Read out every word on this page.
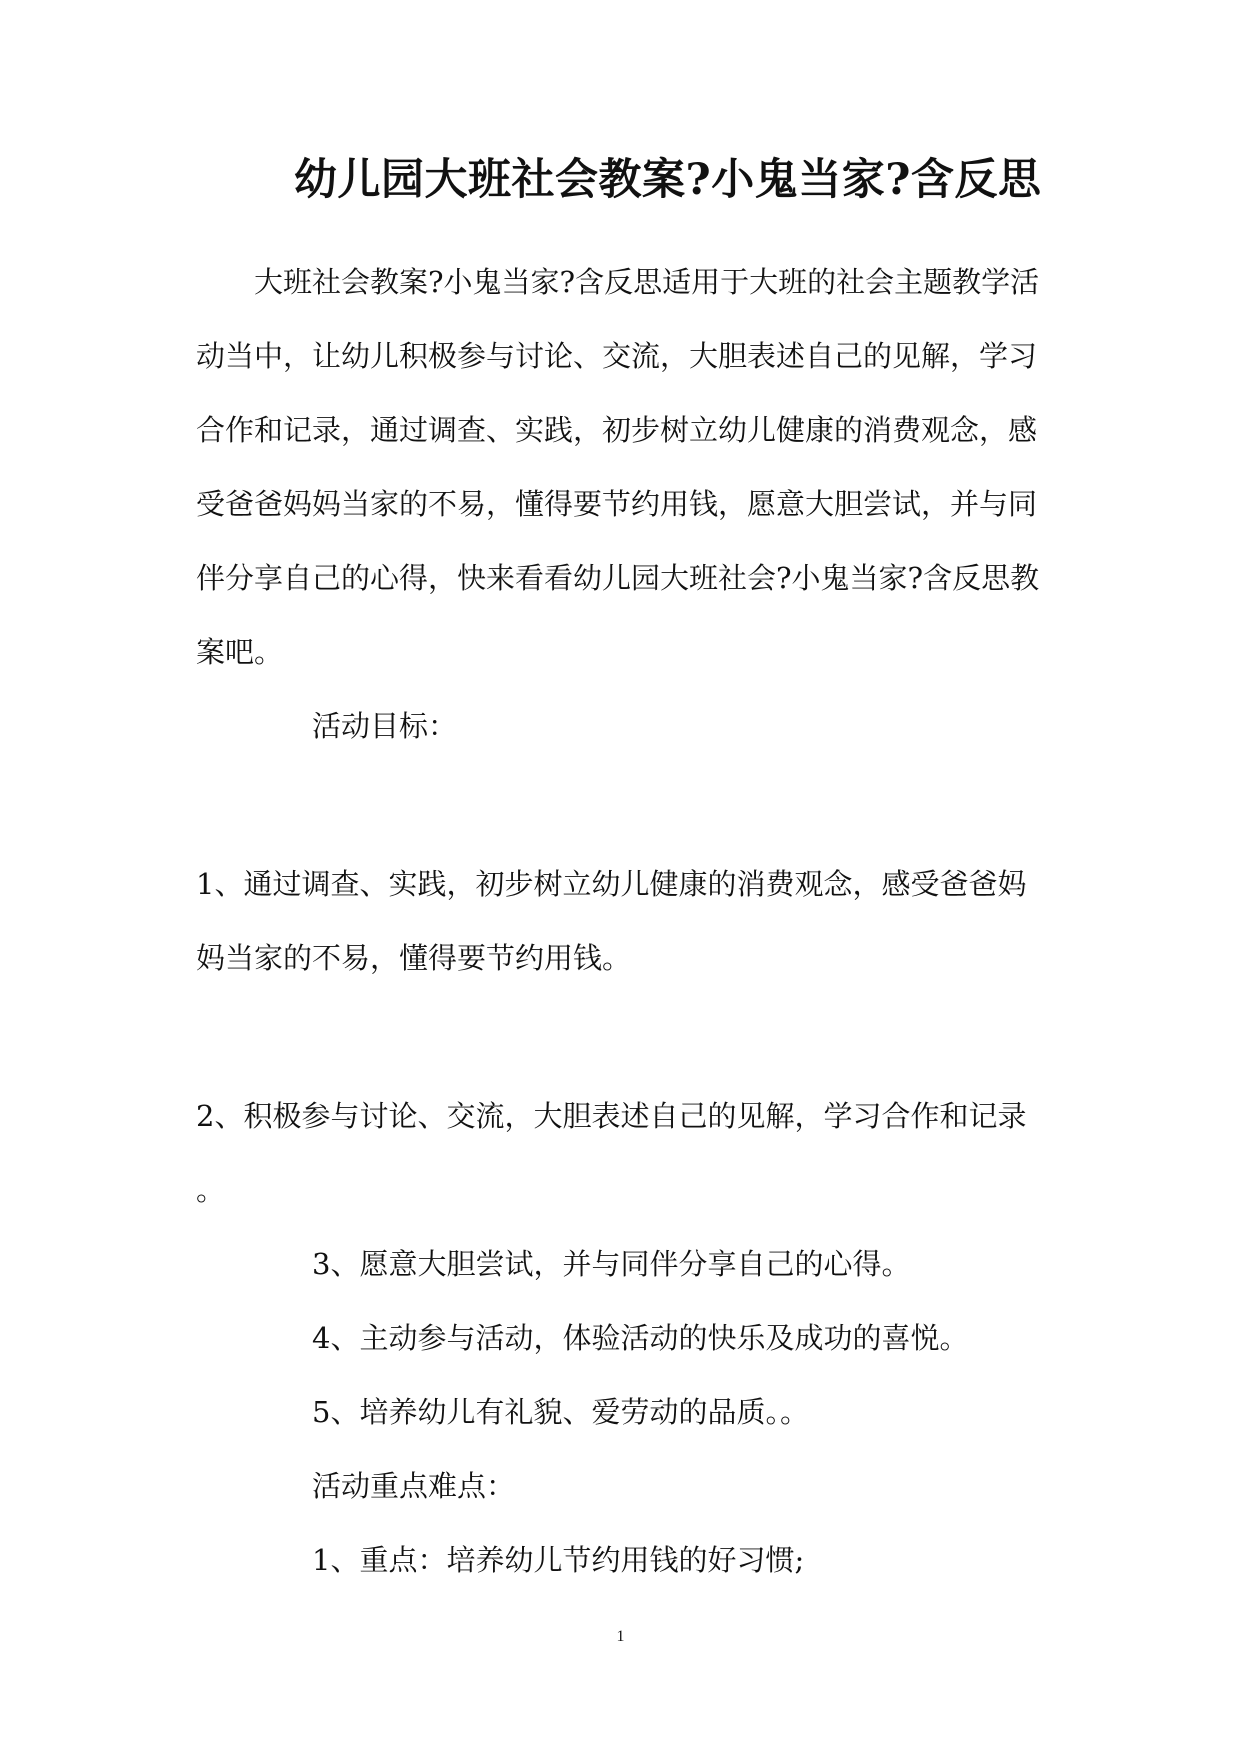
幼儿园大班社会教案?小鬼当家?含反思
大班社会教案?小鬼当家?含反思适用于大班的社会主题教学活
动当中，让幼儿积极参与讨论、交流，大胆表述自己的见解，学习
合作和记录，通过调查、实践，初步树立幼儿健康的消费观念，感
受爸爸妈妈当家的不易，懂得要节约用钱，愿意大胆尝试，并与同
伴分享自己的心得，快来看看幼儿园大班社会?小鬼当家?含反思教
案吧。
活动目标：
1、通过调查、实践，初步树立幼儿健康的消费观念，感受爸爸妈
妈当家的不易，懂得要节约用钱。
2、积极参与讨论、交流，大胆表述自己的见解，学习合作和记录
。
3、愿意大胆尝试，并与同伴分享自己的心得。
4、主动参与活动，体验活动的快乐及成功的喜悦。
5、培养幼儿有礼貌、爱劳动的品质。。
活动重点难点：
1、重点：培养幼儿节约用钱的好习惯;
1
